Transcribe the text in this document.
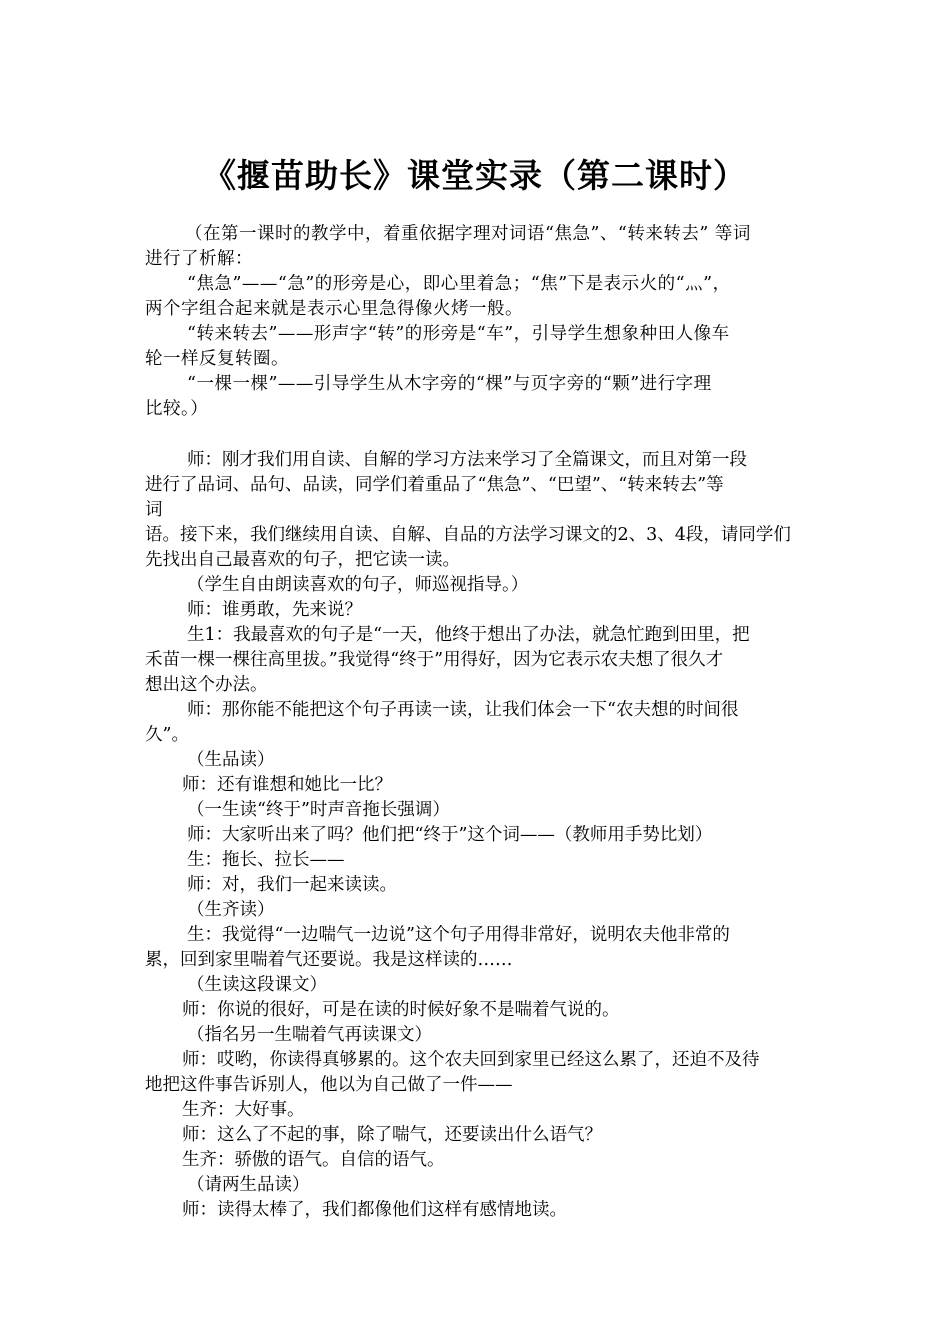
《揠苗助长》课堂实录（第二课时）
（在第一课时的教学中，着重依据字理对词语“焦急”、“转来转去” 等词
进行了析解：
“焦急”——“急”的形旁是心，即心里着急；“焦”下是表示火的“灬”，
两个字组合起来就是表示心里急得像火烤一般。
“转来转去”——形声字“转”的形旁是“车”，引导学生想象种田人像车
轮一样反复转圈。
“一棵一棵”——引导学生从木字旁的“棵”与页字旁的“颗”进行字理
比较。）
师：刚才我们用自读、自解的学习方法来学习了全篇课文，而且对第一段
进行了品词、品句、品读，同学们着重品了“焦急”、“巴望”、“转来转去”等
词
语。接下来，我们继续用自读、自解、自品的方法学习课文的2、3、4段，请同学们
先找出自己最喜欢的句子，把它读一读。
（学生自由朗读喜欢的句子，师巡视指导。）
师：谁勇敢，先来说？
生1：我最喜欢的句子是“一天，他终于想出了办法，就急忙跑到田里，把
禾苗一棵一棵往高里拔。”我觉得“终于”用得好，因为它表示农夫想了很久才
想出这个办法。
师：那你能不能把这个句子再读一读，让我们体会一下“农夫想的时间很
久”。
（生品读）
师：还有谁想和她比一比？
（一生读“终于”时声音拖长强调）
师：大家听出来了吗？他们把“终于”这个词——（教师用手势比划）
生：拖长、拉长——
师：对，我们一起来读读。
（生齐读）
生：我觉得“一边喘气一边说”这个句子用得非常好，说明农夫他非常的
累，回到家里喘着气还要说。我是这样读的……
（生读这段课文）
师：你说的很好，可是在读的时候好象不是喘着气说的。
（指名另一生喘着气再读课文）
师：哎哟，你读得真够累的。这个农夫回到家里已经这么累了，还迫不及待
地把这件事告诉别人，他以为自己做了一件——
生齐：大好事。
师：这么了不起的事，除了喘气，还要读出什么语气？
生齐：骄傲的语气。自信的语气。
（请两生品读）
师：读得太棒了，我们都像他们这样有感情地读。
